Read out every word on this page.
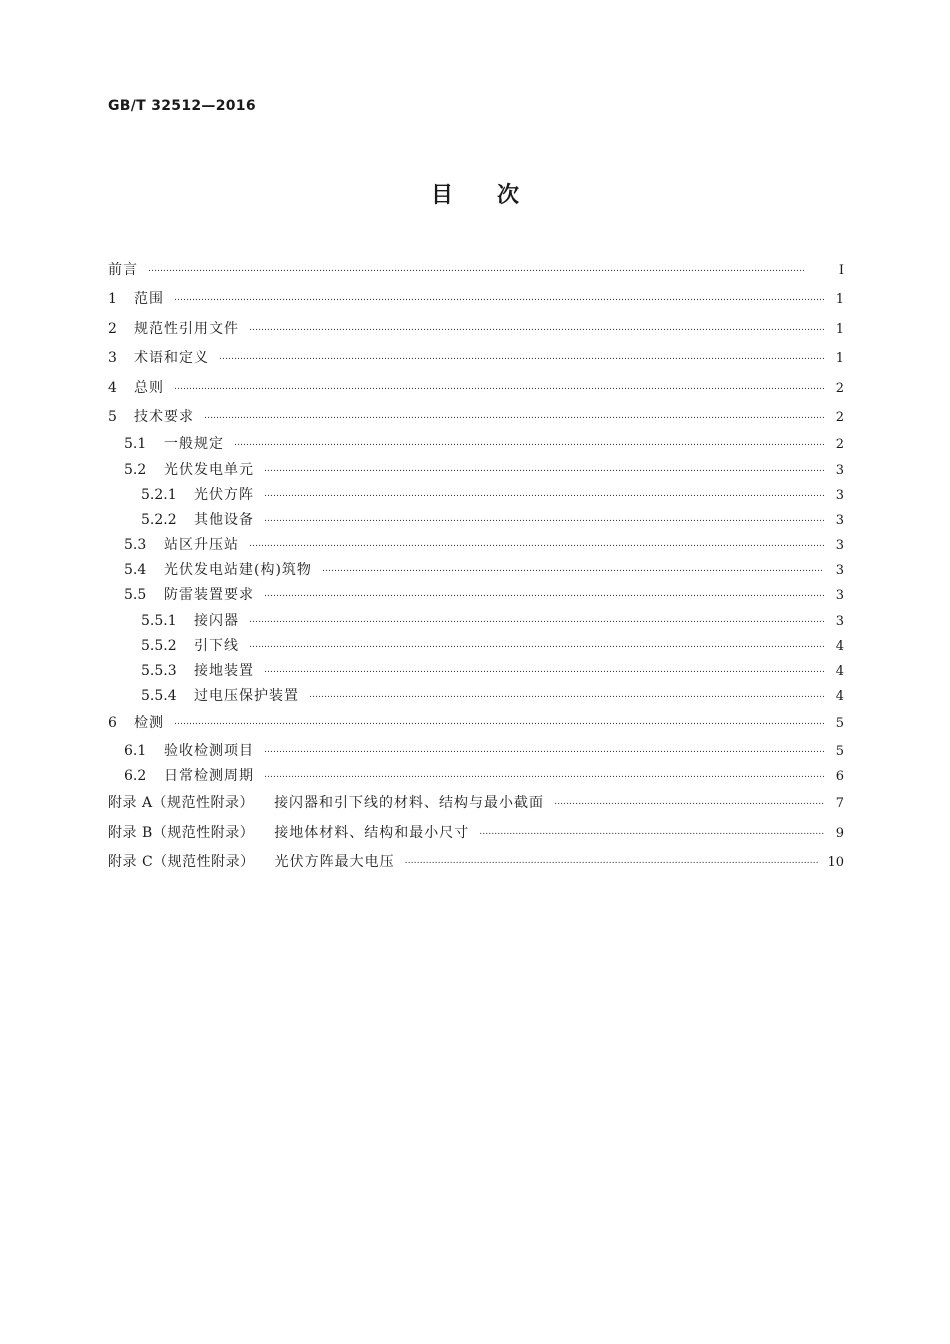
GB/T 32512—2016
目 次
前言 …………………………………………………………………………………………………………………………………………………………………………………………………	Ⅰ
1	范围 …………………………………………………………………………………………………………………………………………………………………………………………………	1
2	规范性引用文件 …………………………………………………………………………………………………………………………………………………………………………………………………	1
3	术语和定义 …………………………………………………………………………………………………………………………………………………………………………………………………	1
4	总则 …………………………………………………………………………………………………………………………………………………………………………………………………	2
5	技术要求 …………………………………………………………………………………………………………………………………………………………………………………………………	2
5.1	一般规定 …………………………………………………………………………………………………………………………………………………………………………………………………	2
5.2	光伏发电单元 …………………………………………………………………………………………………………………………………………………………………………………………………	3
5.2.1	光伏方阵 …………………………………………………………………………………………………………………………………………………………………………………………………	3
5.2.2	其他设备 …………………………………………………………………………………………………………………………………………………………………………………………………	3
5.3	站区升压站 …………………………………………………………………………………………………………………………………………………………………………………………………	3
5.4	光伏发电站建(构)筑物 …………………………………………………………………………………………………………………………………………………………………………………………………	3
5.5	防雷装置要求 …………………………………………………………………………………………………………………………………………………………………………………………………	3
5.5.1	接闪器 …………………………………………………………………………………………………………………………………………………………………………………………………	3
5.5.2	引下线 …………………………………………………………………………………………………………………………………………………………………………………………………	4
5.5.3	接地装置 …………………………………………………………………………………………………………………………………………………………………………………………………	4
5.5.4	过电压保护装置 …………………………………………………………………………………………………………………………………………………………………………………………………	4
6	检测 …………………………………………………………………………………………………………………………………………………………………………………………………	5
6.1	验收检测项目 …………………………………………………………………………………………………………………………………………………………………………………………………	5
6.2	日常检测周期 …………………………………………………………………………………………………………………………………………………………………………………………………	6
附录 A（规范性附录） 接闪器和引下线的材料、结构与最小截面 …………………………………………………………………………………………………………………………………………………………………………………………………	7
附录 B（规范性附录） 接地体材料、结构和最小尺寸 …………………………………………………………………………………………………………………………………………………………………………………………………	9
附录 C（规范性附录） 光伏方阵最大电压 …………………………………………………………………………………………………………………………………………………………………………………………………	10
